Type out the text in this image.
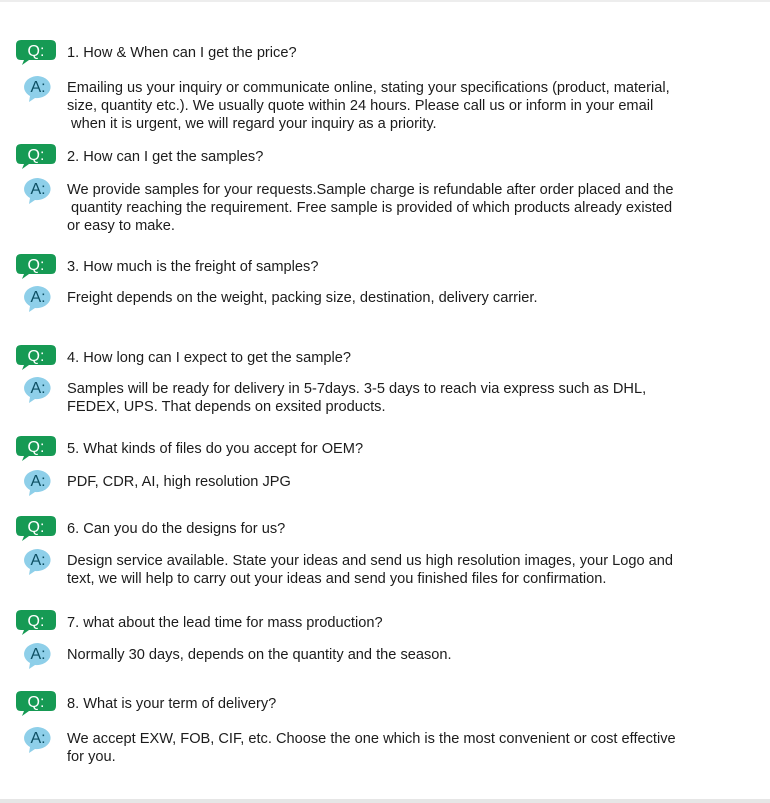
Q:	1. How & When can I get the price?
A:	Emailing us your inquiry or communicate online, stating your specifications (product, material,
size, quantity etc.). We usually quote within 24 hours. Please call us or inform in your email
when it is urgent, we will regard your inquiry as a priority.
Q:	2. How can I get the samples?
A:	We provide samples for your requests.Sample charge is refundable after order placed and the
quantity reaching the requirement. Free sample is provided of which products already existed
or easy to make.
Q:	3. How much is the freight of samples?
A:	Freight depends on the weight, packing size, destination, delivery carrier.
Q:	4. How long can I expect to get the sample?
A:	Samples will be ready for delivery in 5-7days. 3-5 days to reach via express such as DHL,
FEDEX, UPS. That depends on exsited products.
Q:	5. What kinds of files do you accept for OEM?
A:	PDF, CDR, AI, high resolution JPG
Q:	6. Can you do the designs for us?
A:	Design service available. State your ideas and send us high resolution images, your Logo and
text, we will help to carry out your ideas and send you finished files for confirmation.
Q:	7. what about the lead time for mass production?
A:	Normally 30 days, depends on the quantity and the season.
Q:	8. What is your term of delivery?
A:	We accept EXW, FOB, CIF, etc. Choose the one which is the most convenient or cost effective
for you.
